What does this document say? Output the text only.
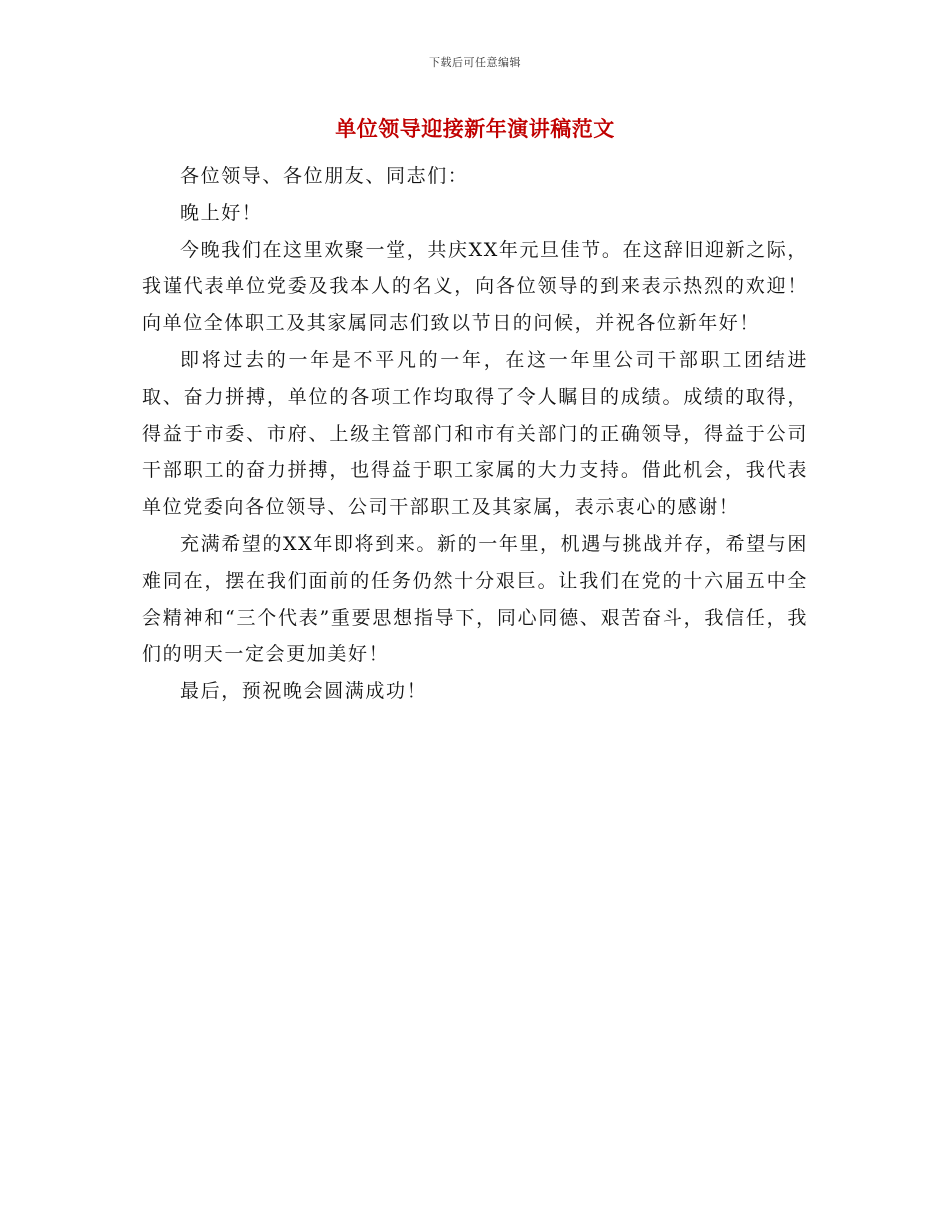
下载后可任意编辑
单位领导迎接新年演讲稿范文

各位领导、各位朋友、同志们：

晚上好！

今晚我们在这里欢聚一堂，共庆XX年元旦佳节。在这辞旧迎新之际，我谨代表单位党委及我本人的名义，向各位领导的到来表示热烈的欢迎！向单位全体职工及其家属同志们致以节日的问候，并祝各位新年好！

即将过去的一年是不平凡的一年，在这一年里公司干部职工团结进取、奋力拼搏，单位的各项工作均取得了令人瞩目的成绩。成绩的取得，得益于市委、市府、上级主管部门和市有关部门的正确领导，得益于公司干部职工的奋力拼搏，也得益于职工家属的大力支持。借此机会，我代表单位党委向各位领导、公司干部职工及其家属，表示衷心的感谢！

充满希望的XX年即将到来。新的一年里，机遇与挑战并存，希望与困难同在，摆在我们面前的任务仍然十分艰巨。让我们在党的十六届五中全会精神和“三个代表”重要思想指导下，同心同德、艰苦奋斗，我信任，我们的明天一定会更加美好！

最后，预祝晚会圆满成功！
